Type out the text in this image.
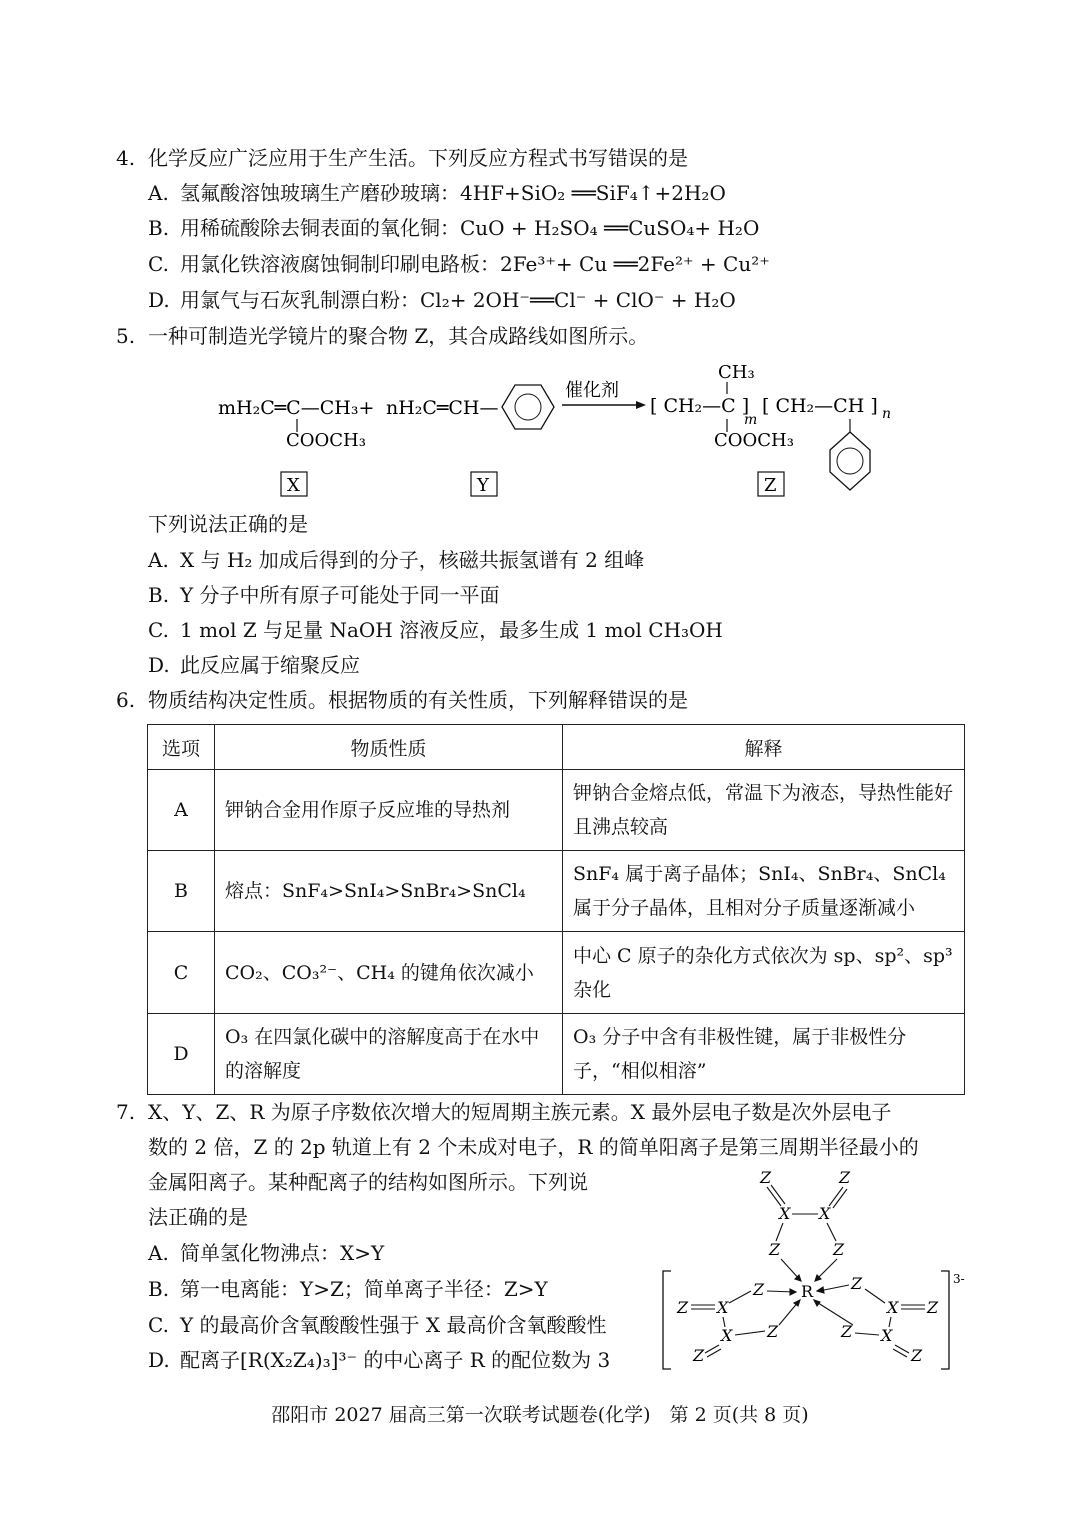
4. 化学反应广泛应用于生产生活。下列反应方程式书写错误的是
A. 氢氟酸溶蚀玻璃生产磨砂玻璃：4HF+SiO₂ ══SiF₄↑+2H₂O
B. 用稀硫酸除去铜表面的氧化铜：CuO + H₂SO₄ ══CuSO₄+ H₂O
C. 用氯化铁溶液腐蚀铜制印刷电路板：2Fe³⁺+ Cu ══2Fe²⁺ + Cu²⁺
D. 用氯气与石灰乳制漂白粉：Cl₂+ 2OH⁻══Cl⁻ + ClO⁻ + H₂O
5. 一种可制造光学镜片的聚合物 Z，其合成路线如图所示。
mH₂C═C—CH₃+
COOCH₃
nH₂C═CH—
催化剂
CH₃
[ CH₂—C ]
m
[ CH₂—CH ] n
COOCH₃
X	Y	Z
下列说法正确的是
A. X 与 H₂ 加成后得到的分子，核磁共振氢谱有 2 组峰
B. Y 分子中所有原子可能处于同一平面
C. 1 mol Z 与足量 NaOH 溶液反应，最多生成 1 mol CH₃OH
D. 此反应属于缩聚反应
6. 物质结构决定性质。根据物质的有关性质，下列解释错误的是
选项	物质性质	解释
A	钾钠合金用作原子反应堆的导热剂	钾钠合金熔点低，常温下为液态，导热性能好且沸点较高
B	熔点：SnF₄>SnI₄>SnBr₄>SnCl₄	SnF₄ 属于离子晶体；SnI₄、SnBr₄、SnCl₄ 属于分子晶体，且相对分子质量逐渐减小
C	CO₂、CO₃²⁻、CH₄ 的键角依次减小	中心 C 原子的杂化方式依次为 sp、sp²、sp³ 杂化
D	O₃ 在四氯化碳中的溶解度高于在水中的溶解度	O₃ 分子中含有非极性键，属于非极性分子，“相似相溶”
7. X、Y、Z、R 为原子序数依次增大的短周期主族元素。X 最外层电子数是次外层电子
数的 2 倍，Z 的 2p 轨道上有 2 个未成对电子，R 的简单阳离子是第三周期半径最小的
金属阳离子。某种配离子的结构如图所示。下列说
法正确的是
A. 简单氢化物沸点：X>Y
B. 第一电离能：Y>Z；简单离子半径：Z>Y
C. Y 的最高价含氧酸酸性强于 X 最高价含氧酸酸性
D. 配离子[R(X₂Z₄)₃]³⁻ 的中心离子 R 的配位数为 3
Z	Z
X X
Z	Z
R
Z
X
Z
X Z
Z
Z
X Z
Z X
Z
3-
邵阳市 2027 届高三第一次联考试题卷(化学)　第 2 页(共 8 页)
